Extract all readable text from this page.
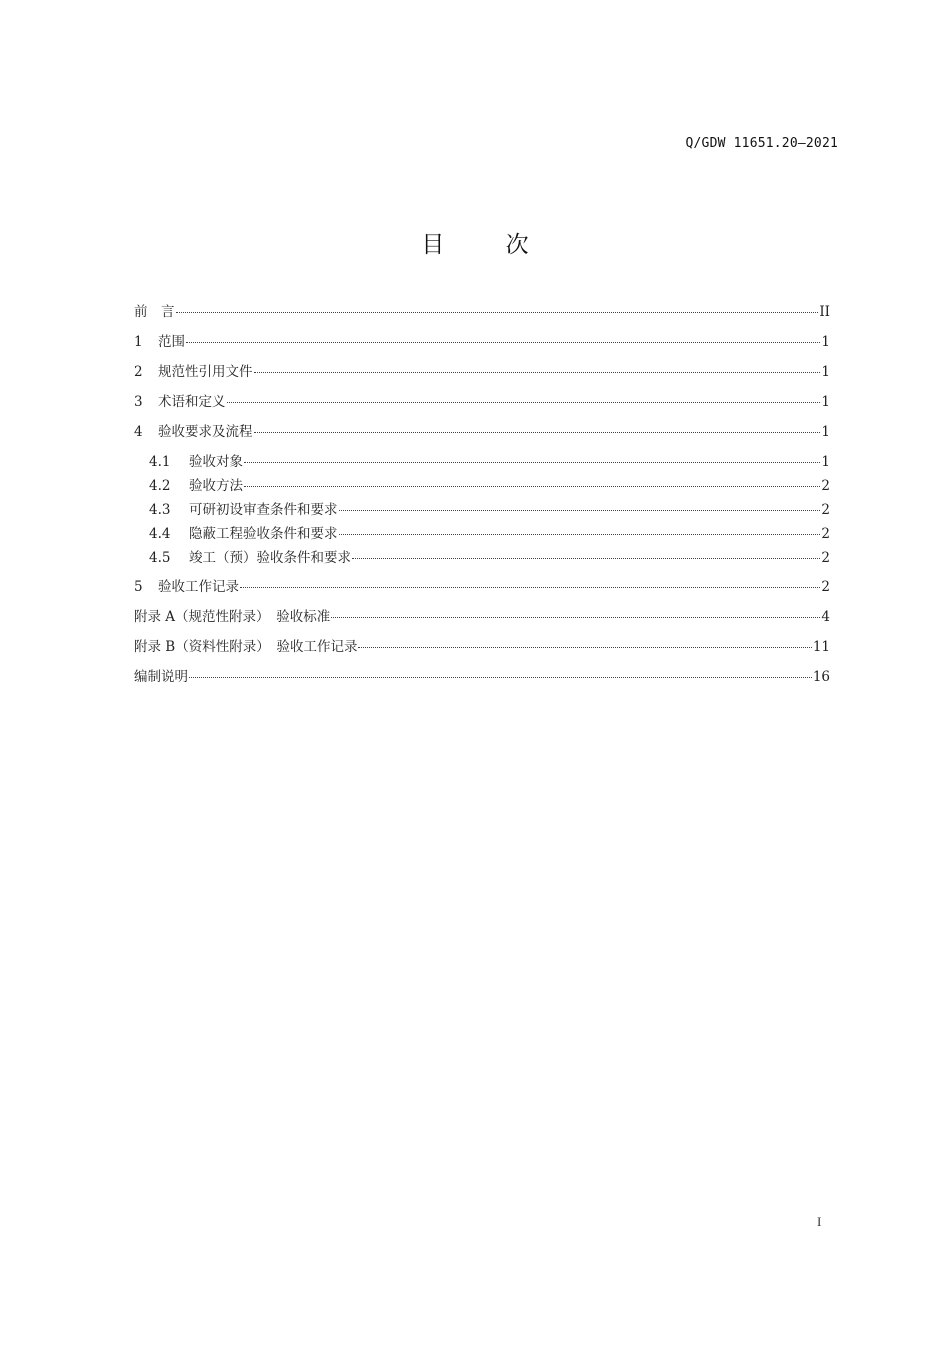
Q/GDW 11651.20—2021
目	次
前　言	II
1	范围	1
2	规范性引用文件	1
3	术语和定义	1
4	验收要求及流程	1
4.1	验收对象	1
4.2	验收方法	2
4.3	可研初设审查条件和要求	2
4.4	隐蔽工程验收条件和要求	2
4.5	竣工（预）验收条件和要求	2
5	验收工作记录	2
附录 A（规范性附录）　验收标准	4
附录 B（资料性附录）　验收工作记录	11
编制说明	16
I
